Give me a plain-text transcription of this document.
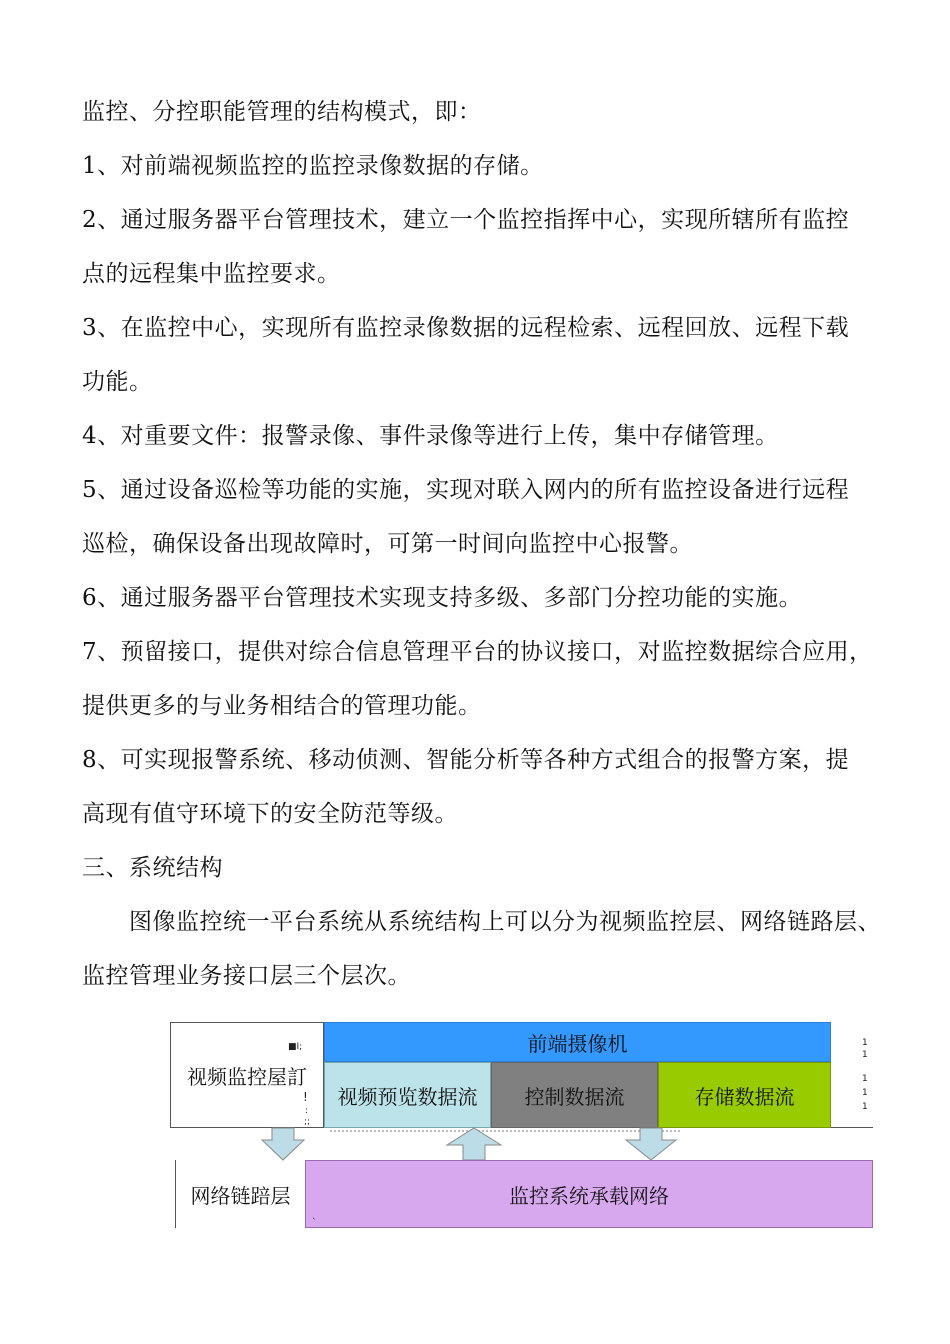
监控、分控职能管理的结构模式，即：
1、对前端视频监控的监控录像数据的存储。
2、通过服务器平台管理技术，建立一个监控指挥中心，实现所辖所有监控
点的远程集中监控要求。
3、在监控中心，实现所有监控录像数据的远程检索、远程回放、远程下载
功能。
4、对重要文件：报警录像、事件录像等进行上传，集中存储管理。
5、通过设备巡检等功能的实施，实现对联入网内的所有监控设备进行远程
巡检，确保设备出现故障时，可第一时间向监控中心报警。
6、通过服务器平台管理技术实现支持多级、多部门分控功能的实施。
7、预留接口，提供对综合信息管理平台的协议接口，对监控数据综合应用，
提供更多的与业务相结合的管理功能。
8、可实现报警系统、移动侦测、智能分析等各种方式组合的报警方案，提
高现有值守环境下的安全防范等级。
三、系统结构
　　图像监控统一平台系统从系统结构上可以分为视频监控层、网络链路层、
监控管理业务接口层三个层次。
视频监控屋訂
前端摄像机
视频预览数据流 控制数据流	存储数据流
网络链踣层	监控系统承载网络
■I;
!
:
;;
1
1
1
1
1
`
